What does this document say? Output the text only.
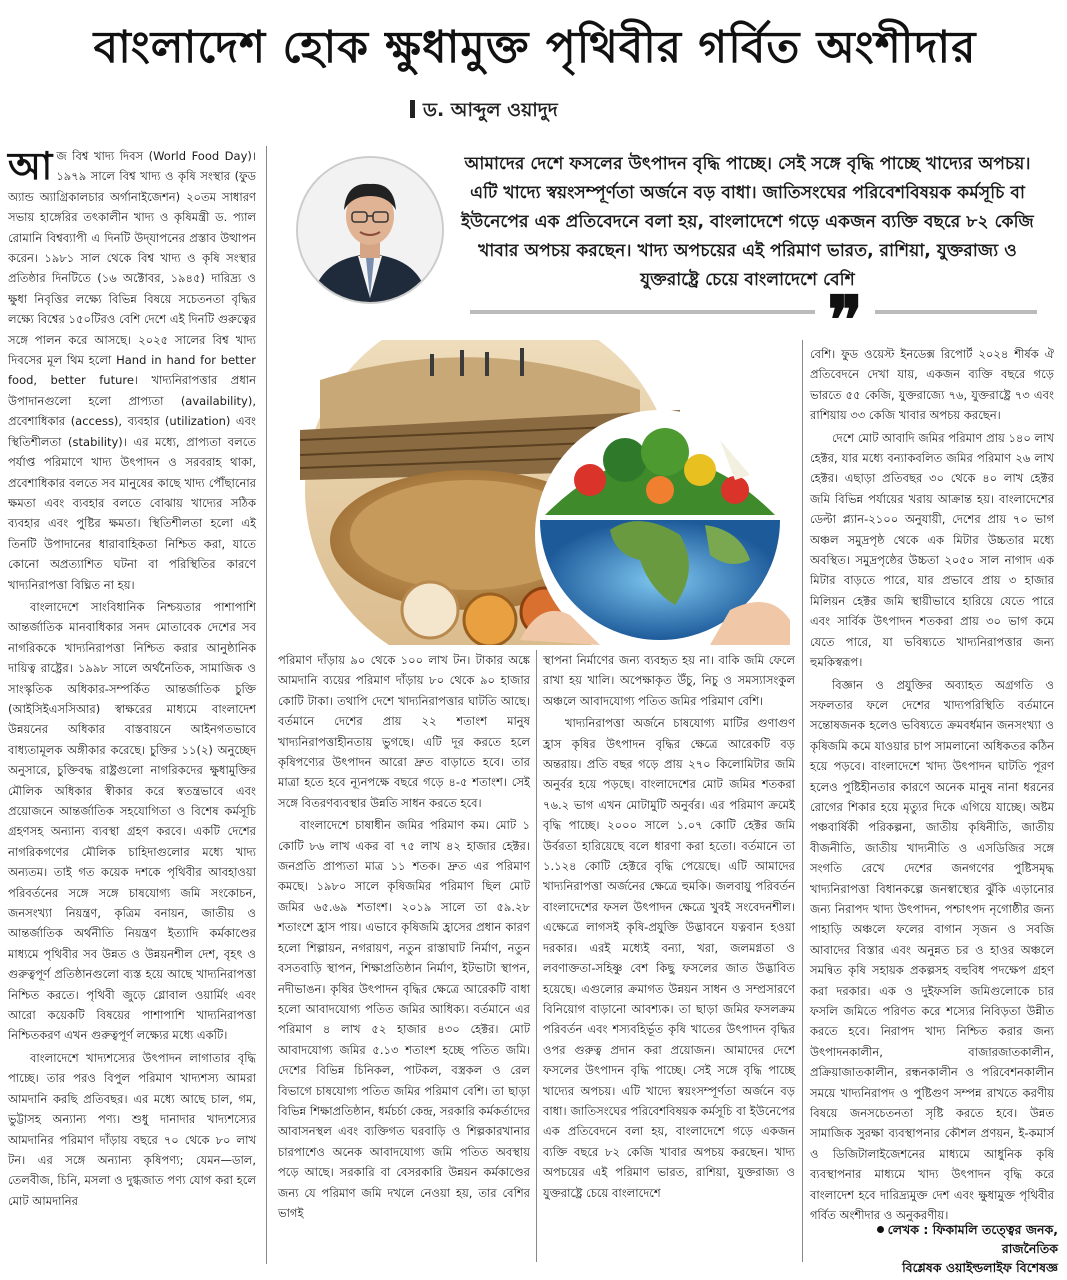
বাংলাদেশ হোক ক্ষুধামুক্ত পৃথিবীর গর্বিত অংশীদার
ড. আব্দুল ওয়াদুদ

আজ বিশ্ব খাদ্য দিবস (World Food Day)। ১৯৭৯ সালে বিশ্ব খাদ্য ও কৃষি সংস্থার (ফুড অ্যান্ড অ্যাগ্রিকালচার অর্গানাইজেশন) ২০তম সাধারণ সভায় হাঙ্গেরির তৎকালীন খাদ্য ও কৃষিমন্ত্রী ড. প্যাল রোমানি বিশ্বব্যাপী এ দিনটি উদ্‌যাপনের প্রস্তাব উত্থাপন করেন। ১৯৮১ সাল থেকে বিশ্ব খাদ্য ও কৃষি সংস্থার প্রতিষ্ঠার দিনটিতে (১৬ অক্টোবর, ১৯৪৫) দারিদ্র্য ও ক্ষুধা নিবৃত্তির লক্ষ্যে বিভিন্ন বিষয়ে সচেতনতা বৃদ্ধির লক্ষ্যে বিশ্বের ১৫০টিরও বেশি দেশে এই দিনটি গুরুত্বের সঙ্গে পালন করে আসছে। ২০২৫ সালের বিশ্ব খাদ্য দিবসের মূল থিম হলো Hand in hand for better food, better future। খাদ্যনিরাপত্তার প্রধান উপাদানগুলো হলো প্রাপ্যতা (availability), প্রবেশাধিকার (access), ব্যবহার (utilization) এবং স্থিতিশীলতা (stability)। এর মধ্যে, প্রাপ্যতা বলতে পর্যাপ্ত পরিমাণে খাদ্য উৎপাদন ও সরবরাহ থাকা, প্রবেশাধিকার বলতে সব মানুষের কাছে খাদ্য পৌঁছানোর ক্ষমতা এবং ব্যবহার বলতে বোঝায় খাদ্যের সঠিক ব্যবহার এবং পুষ্টির ক্ষমতা। স্থিতিশীলতা হলো এই তিনটি উপাদানের ধারাবাহিকতা নিশ্চিত করা, যাতে কোনো অপ্রত্যাশিত ঘটনা বা পরিস্থিতির কারণে খাদ্যনিরাপত্তা বিঘ্নিত না হয়।

বাংলাদেশে সাংবিধানিক নিশ্চয়তার পাশাপাশি আন্তর্জাতিক মানবাধিকার সনদ মোতাবেক দেশের সব নাগরিককে খাদ্যনিরাপত্তা নিশ্চিত করার আনুষ্ঠানিক দায়িত্ব রাষ্ট্রের। ১৯৯৮ সালে অর্থনৈতিক, সামাজিক ও সাংস্কৃতিক অধিকার-সম্পর্কিত আন্তর্জাতিক চুক্তি (আইসিইএসসিআর) স্বাক্ষরের মাধ্যমে বাংলাদেশ উন্নয়নের অধিকার বাস্তবায়নে আইনগতভাবে বাধ্যতামূলক অঙ্গীকার করেছে। চুক্তির ১১(২) অনুচ্ছেদ অনুসারে, চুক্তিবদ্ধ রাষ্ট্রগুলো নাগরিকদের ক্ষুধামুক্তির মৌলিক অধিকার স্বীকার করে স্বতন্ত্রভাবে এবং প্রয়োজনে আন্তর্জাতিক সহযোগিতা ও বিশেষ কর্মসূচি গ্রহণসহ অন্যান্য ব্যবস্থা গ্রহণ করবে। একটি দেশের নাগরিকগণের মৌলিক চাহিদাগুলোর মধ্যে খাদ্য অন্যতম। তাই গত কয়েক দশকে পৃথিবীর আবহাওয়া পরিবর্তনের সঙ্গে সঙ্গে চাষযোগ্য জমি সংকোচন, জনসংখ্যা নিয়ন্ত্রণ, কৃত্রিম বনায়ন, জাতীয় ও আন্তর্জাতিক অর্থনীতি নিয়ন্ত্রণ ইত্যাদি কর্মকাণ্ডের মাধ্যমে পৃথিবীর সব উন্নত ও উন্নয়নশীল দেশ, বৃহৎ ও গুরুত্বপূর্ণ প্রতিষ্ঠানগুলো ব্যস্ত হয়ে আছে খাদ্যনিরাপত্তা নিশ্চিত করতে। পৃথিবী জুড়ে গ্লোবাল ওয়ার্মিং এবং আরো কয়েকটি বিষয়ের পাশাপাশি খাদ্যনিরাপত্তা নিশ্চিতকরণ এখন গুরুত্বপূর্ণ লক্ষ্যের মধ্যে একটি।

বাংলাদেশে খাদ্যশস্যের উৎপাদন লাগাতার বৃদ্ধি পাচ্ছে। তার পরও বিপুল পরিমাণ খাদ্যশস্য আমরা আমদানি করছি প্রতিবছর। এর মধ্যে আছে চাল, গম, ভুট্টাসহ অন্যান্য পণ্য। শুধু দানাদার খাদ্যশস্যের আমদানির পরিমাণ দাঁড়ায় বছরে ৭০ থেকে ৮০ লাখ টন। এর সঙ্গে অন্যান্য কৃষিপণ্য; যেমন—ডাল, তেলবীজ, চিনি, মসলা ও দুগ্ধজাত পণ্য যোগ করা হলে মোট আমদানির

আমাদের দেশে ফসলের উৎপাদন বৃদ্ধি পাচ্ছে। সেই সঙ্গে বৃদ্ধি পাচ্ছে খাদ্যের অপচয়। এটি খাদ্যে স্বয়ংসম্পূর্ণতা অর্জনে বড় বাধা। জাতিসংঘের পরিবেশবিষয়ক কর্মসূচি বা ইউনেপের এক প্রতিবেদনে বলা হয়, বাংলাদেশে গড়ে একজন ব্যক্তি বছরে ৮২ কেজি খাবার অপচয় করছেন। খাদ্য অপচয়ের এই পরিমাণ ভারত, রাশিয়া, যুক্তরাজ্য ও যুক্তরাষ্ট্রে চেয়ে বাংলাদেশে বেশি
❞

পরিমাণ দাঁড়ায় ৯০ থেকে ১০০ লাখ টন। টাকার অঙ্কে আমদানি ব্যয়ের পরিমাণ দাঁড়ায় ৮০ থেকে ৯০ হাজার কোটি টাকা। তথাপি দেশে খাদ্যনিরাপত্তার ঘাটতি আছে। বর্তমানে দেশের প্রায় ২২ শতাংশ মানুষ খাদ্যনিরাপত্তাহীনতায় ভুগছে। এটি দূর করতে হলে কৃষিপণ্যের উৎপাদন আরো দ্রুত বাড়াতে হবে। তার মাত্রা হতে হবে ন্যূনপক্ষে বছরে গড়ে ৪-৫ শতাংশ। সেই সঙ্গে বিতরণব্যবস্থার উন্নতি সাধন করতে হবে।

বাংলাদেশে চাষাধীন জমির পরিমাণ কম। মোট ১ কোটি ৮৬ লাখ একর বা ৭৫ লাখ ৪২ হাজার হেক্টর। জনপ্রতি প্রাপ্যতা মাত্র ১১ শতক। দ্রুত এর পরিমাণ কমছে। ১৯৮০ সালে কৃষিজমির পরিমাণ ছিল মোট জমির ৬৫.৬৯ শতাংশ। ২০১৯ সালে তা ৫৯.২৮ শতাংশে হ্রাস পায়। এভাবে কৃষিজমি হ্রাসের প্রধান কারণ হলো শিল্পায়ন, নগরায়ণ, নতুন রাস্তাঘাট নির্মাণ, নতুন বসতবাড়ি স্থাপন, শিক্ষাপ্রতিষ্ঠান নির্মাণ, ইটভাটা স্থাপন, নদীভাঙন। কৃষির উৎপাদন বৃদ্ধির ক্ষেত্রে আরেকটি বাধা হলো আবাদযোগ্য পতিত জমির আধিক্য। বর্তমানে এর পরিমাণ ৪ লাখ ৫২ হাজার ৪৩০ হেক্টর। মোট আবাদযোগ্য জমির ৫.১৩ শতাংশ হচ্ছে পতিত জমি। দেশের বিভিন্ন চিনিকল, পাটকল, বস্ত্রকল ও রেল বিভাগে চাষযোগ্য পতিত জমির পরিমাণ বেশি। তা ছাড়া বিভিন্ন শিক্ষাপ্রতিষ্ঠান, ধর্মচর্চা কেন্দ্র, সরকারি কর্মকর্তাদের আবাসনস্থল এবং ব্যক্তিগত ঘরবাড়ি ও শিল্পকারখানার চারপাশেও অনেক আবাদযোগ্য জমি পতিত অবস্থায় পড়ে আছে। সরকারি বা বেসরকারি উন্নয়ন কর্মকাণ্ডের জন্য যে পরিমাণ জমি দখলে নেওয়া হয়, তার বেশির ভাগই

স্থাপনা নির্মাণের জন্য ব্যবহৃত হয় না। বাকি জমি ফেলে রাখা হয় খালি। অপেক্ষাকৃত উঁচু, নিচু ও সমস্যাসংকুল অঞ্চলে আবাদযোগ্য পতিত জমির পরিমাণ বেশি।

খাদ্যনিরাপত্তা অর্জনে চাষযোগ্য মাটির গুণাগুণ হ্রাস কৃষির উৎপাদন বৃদ্ধির ক্ষেত্রে আরেকটি বড় অন্তরায়। প্রতি বছর গড়ে প্রায় ২৭০ কিলোমিটার জমি অনুর্বর হয়ে পড়ছে। বাংলাদেশের মোট জমির শতকরা ৭৬.২ ভাগ এখন মোটামুটি অনুর্বর। এর পরিমাণ ক্রমেই বৃদ্ধি পাচ্ছে। ২০০০ সালে ১.০৭ কোটি হেক্টর জমি উর্বরতা হারিয়েছে বলে ধারণা করা হতো। বর্তমানে তা ১.১২৪ কোটি হেক্টরে বৃদ্ধি পেয়েছে। এটি আমাদের খাদ্যনিরাপত্তা অর্জনের ক্ষেত্রে হুমকি। জলবায়ু পরিবর্তন বাংলাদেশের ফসল উৎপাদন ক্ষেত্রে খুবই সংবেদনশীল। এক্ষেত্রে লাগসই কৃষি-প্রযুক্তি উদ্ভাবনে যত্নবান হওয়া দরকার। এরই মধ্যেই বন্যা, খরা, জলমগ্নতা ও লবণাক্ততা-সহিষ্ণু বেশ কিছু ফসলের জাত উদ্ভাবিত হয়েছে। এগুলোর ক্রমাগত উন্নয়ন সাধন ও সম্প্রসারণে বিনিয়োগ বাড়ানো আবশ্যক। তা ছাড়া জমির ফসলক্রম পরিবর্তন এবং শস্যবহির্ভূত কৃষি খাতের উৎপাদন বৃদ্ধির ওপর গুরুত্ব প্রদান করা প্রয়োজন। আমাদের দেশে ফসলের উৎপাদন বৃদ্ধি পাচ্ছে। সেই সঙ্গে বৃদ্ধি পাচ্ছে খাদ্যের অপচয়। এটি খাদ্যে স্বয়ংসম্পূর্ণতা অর্জনে বড় বাধা। জাতিসংঘের পরিবেশবিষয়ক কর্মসূচি বা ইউনেপের এক প্রতিবেদনে বলা হয়, বাংলাদেশে গড়ে একজন ব্যক্তি বছরে ৮২ কেজি খাবার অপচয় করছেন। খাদ্য অপচয়ের এই পরিমাণ ভারত, রাশিয়া, যুক্তরাজ্য ও যুক্তরাষ্ট্রে চেয়ে বাংলাদেশে

বেশি। ফুড ওয়েস্ট ইনডেক্স রিপোর্ট ২০২৪ শীর্ষক ঐ প্রতিবেদনে দেখা যায়, একজন ব্যক্তি বছরে গড়ে ভারতে ৫৫ কেজি, যুক্তরাজ্যে ৭৬, যুক্তরাষ্ট্রে ৭৩ এবং রাশিয়ায় ৩৩ কেজি খাবার অপচয় করছেন।

দেশে মোট আবাদি জমির পরিমাণ প্রায় ১৪০ লাখ হেক্টর, যার মধ্যে বন্যাকবলিত জমির পরিমাণ ২৬ লাখ হেক্টর। এছাড়া প্রতিবছর ৩০ থেকে ৪০ লাখ হেক্টর জমি বিভিন্ন পর্যায়ের খরায় আক্রান্ত হয়। বাংলাদেশের ডেল্টা প্ল্যান-২১০০ অনুযায়ী, দেশের প্রায় ৭০ ভাগ অঞ্চল সমুদ্রপৃষ্ঠ থেকে এক মিটার উচ্চতার মধ্যে অবস্থিত। সমুদ্রপৃষ্ঠের উচ্চতা ২০৫০ সাল নাগাদ এক মিটার বাড়তে পারে, যার প্রভাবে প্রায় ৩ হাজার মিলিয়ন হেক্টর জমি স্থায়ীভাবে হারিয়ে যেতে পারে এবং সার্বিক উৎপাদন শতকরা প্রায় ৩০ ভাগ কমে যেতে পারে, যা ভবিষ্যতে খাদ্যনিরাপত্তার জন্য হুমকিস্বরূপ।

বিজ্ঞান ও প্রযুক্তির অব্যাহত অগ্রগতি ও সফলতার ফলে দেশের খাদ্যপরিস্থিতি বর্তমানে সন্তোষজনক হলেও ভবিষ্যতে ক্রমবর্ধমান জনসংখ্যা ও কৃষিজমি কমে যাওয়ার চাপ সামলানো অধিকতর কঠিন হয়ে পড়বে। বাংলাদেশে খাদ্য উৎপাদন ঘাটতি পূরণ হলেও পুষ্টিহীনতার কারণে অনেক মানুষ নানা ধরনের রোগের শিকার হয়ে মৃত্যুর দিকে এগিয়ে যাচ্ছে। অষ্টম পঞ্চবার্ষিকী পরিকল্পনা, জাতীয় কৃষিনীতি, জাতীয় বীজনীতি, জাতীয় খাদ্যনীতি ও এসডিজির সঙ্গে সংগতি রেখে দেশের জনগণের পুষ্টিসমৃদ্ধ খাদ্যনিরাপত্তা বিধানকল্পে জনস্বাস্থ্যের ঝুঁকি এড়ানোর জন্য নিরাপদ খাদ্য উৎপাদন, পশ্চাৎপদ নৃগোষ্ঠীর জন্য পাহাড়ি অঞ্চলে ফলের বাগান সৃজন ও সবজি আবাদের বিস্তার এবং অনুন্নত চর ও হাওর অঞ্চলে সমন্বিত কৃষি সহায়ক প্রকল্পসহ বহুবিধ পদক্ষেপ গ্রহণ করা দরকার। এক ও দুইফসলি জমিগুলোকে চার ফসলি জমিতে পরিণত করে শস্যের নিবিড়তা উন্নীত করতে হবে। নিরাপদ খাদ্য নিশ্চিত করার জন্য উৎপাদনকালীন, বাজারজাতকালীন, প্রক্রিয়াজাতকালীন, রন্ধনকালীন ও পরিবেশনকালীন সময়ে খাদ্যনিরাপদ ও পুষ্টিগুণ সম্পন্ন রাখতে করণীয় বিষয়ে জনসচেতনতা সৃষ্টি করতে হবে। উন্নত সামাজিক সুরক্ষা ব্যবস্থাপনার কৌশল প্রণয়ন, ই-কমার্স ও ডিজিটালাইজেশনের মাধ্যমে আধুনিক কৃষি ব্যবস্থাপনার মাধ্যমে খাদ্য উৎপাদন বৃদ্ধি করে বাংলাদেশ হবে দারিদ্র্যমুক্ত দেশ এবং ক্ষুধামুক্ত পৃথিবীর গর্বিত অংশীদার ও অনুকরণীয়।

লেখক : ফিকামলি তত্ত্বের জনক, রাজনৈতিক
বিশ্লেষক ওয়াইল্ডলাইফ বিশেষজ্ঞ
